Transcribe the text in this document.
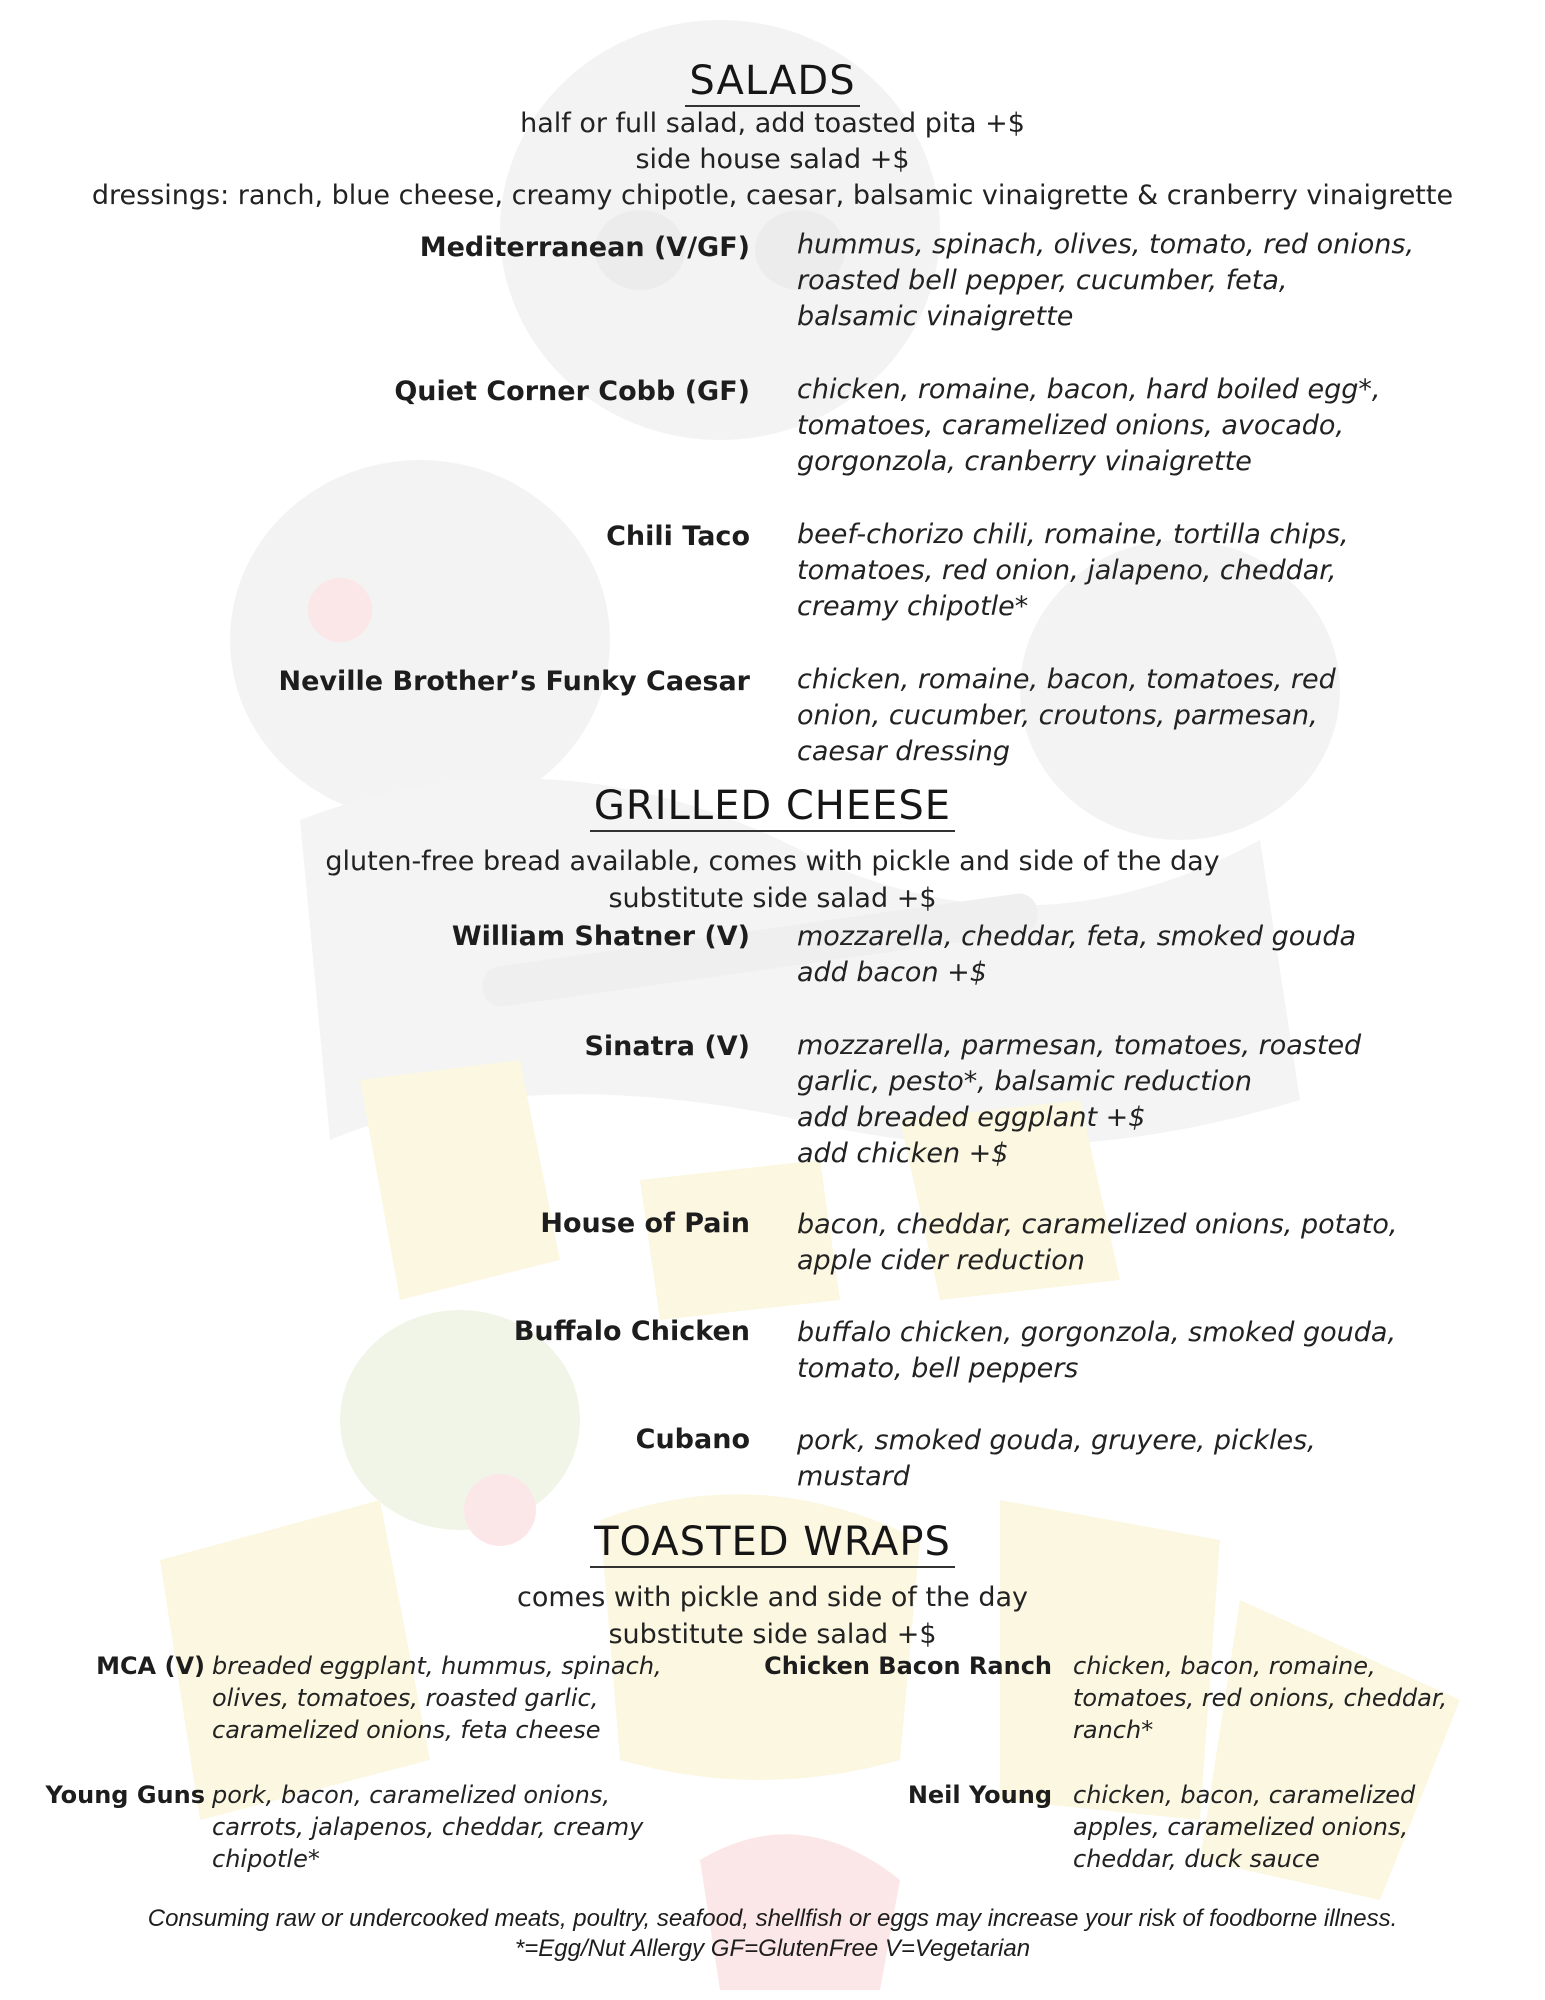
SALADS
half or full salad, add toasted pita +$
side house salad +$
dressings: ranch, blue cheese, creamy chipotle, caesar, balsamic vinaigrette & cranberry vinaigrette
Mediterranean (V/GF) hummus, spinach, olives, tomato, red onions,
roasted bell pepper, cucumber, feta,
balsamic vinaigrette
Quiet Corner Cobb (GF) chicken, romaine, bacon, hard boiled egg*,
tomatoes, caramelized onions, avocado,
gorgonzola, cranberry vinaigrette
Chili Taco beef-chorizo chili, romaine, tortilla chips,
tomatoes, red onion, jalapeno, cheddar,
creamy chipotle*
Neville Brother’s Funky Caesar chicken, romaine, bacon, tomatoes, red
onion, cucumber, croutons, parmesan,
caesar dressing
GRILLED CHEESE
gluten-free bread available, comes with pickle and side of the day
substitute side salad +$
William Shatner (V) mozzarella, cheddar, feta, smoked gouda
add bacon +$
Sinatra (V) mozzarella, parmesan, tomatoes, roasted
garlic, pesto*, balsamic reduction
add breaded eggplant +$
add chicken +$
House of Pain bacon, cheddar, caramelized onions, potato,
apple cider reduction
Buffalo Chicken buffalo chicken, gorgonzola, smoked gouda,
tomato, bell peppers
Cubano pork, smoked gouda, gruyere, pickles,
mustard
TOASTED WRAPS
comes with pickle and side of the day
substitute side salad +$
MCA (V) breaded eggplant, hummus, spinach,
olives, tomatoes, roasted garlic,
caramelized onions, feta cheese
Chicken Bacon Ranch chicken, bacon, romaine,
tomatoes, red onions, cheddar,
ranch*
Young Guns pork, bacon, caramelized onions,
carrots, jalapenos, cheddar, creamy
chipotle*
Neil Young chicken, bacon, caramelized
apples, caramelized onions,
cheddar, duck sauce
Consuming raw or undercooked meats, poultry, seafood, shellfish or eggs may increase your risk of foodborne illness.
*=Egg/Nut Allergy GF=GlutenFree V=Vegetarian
